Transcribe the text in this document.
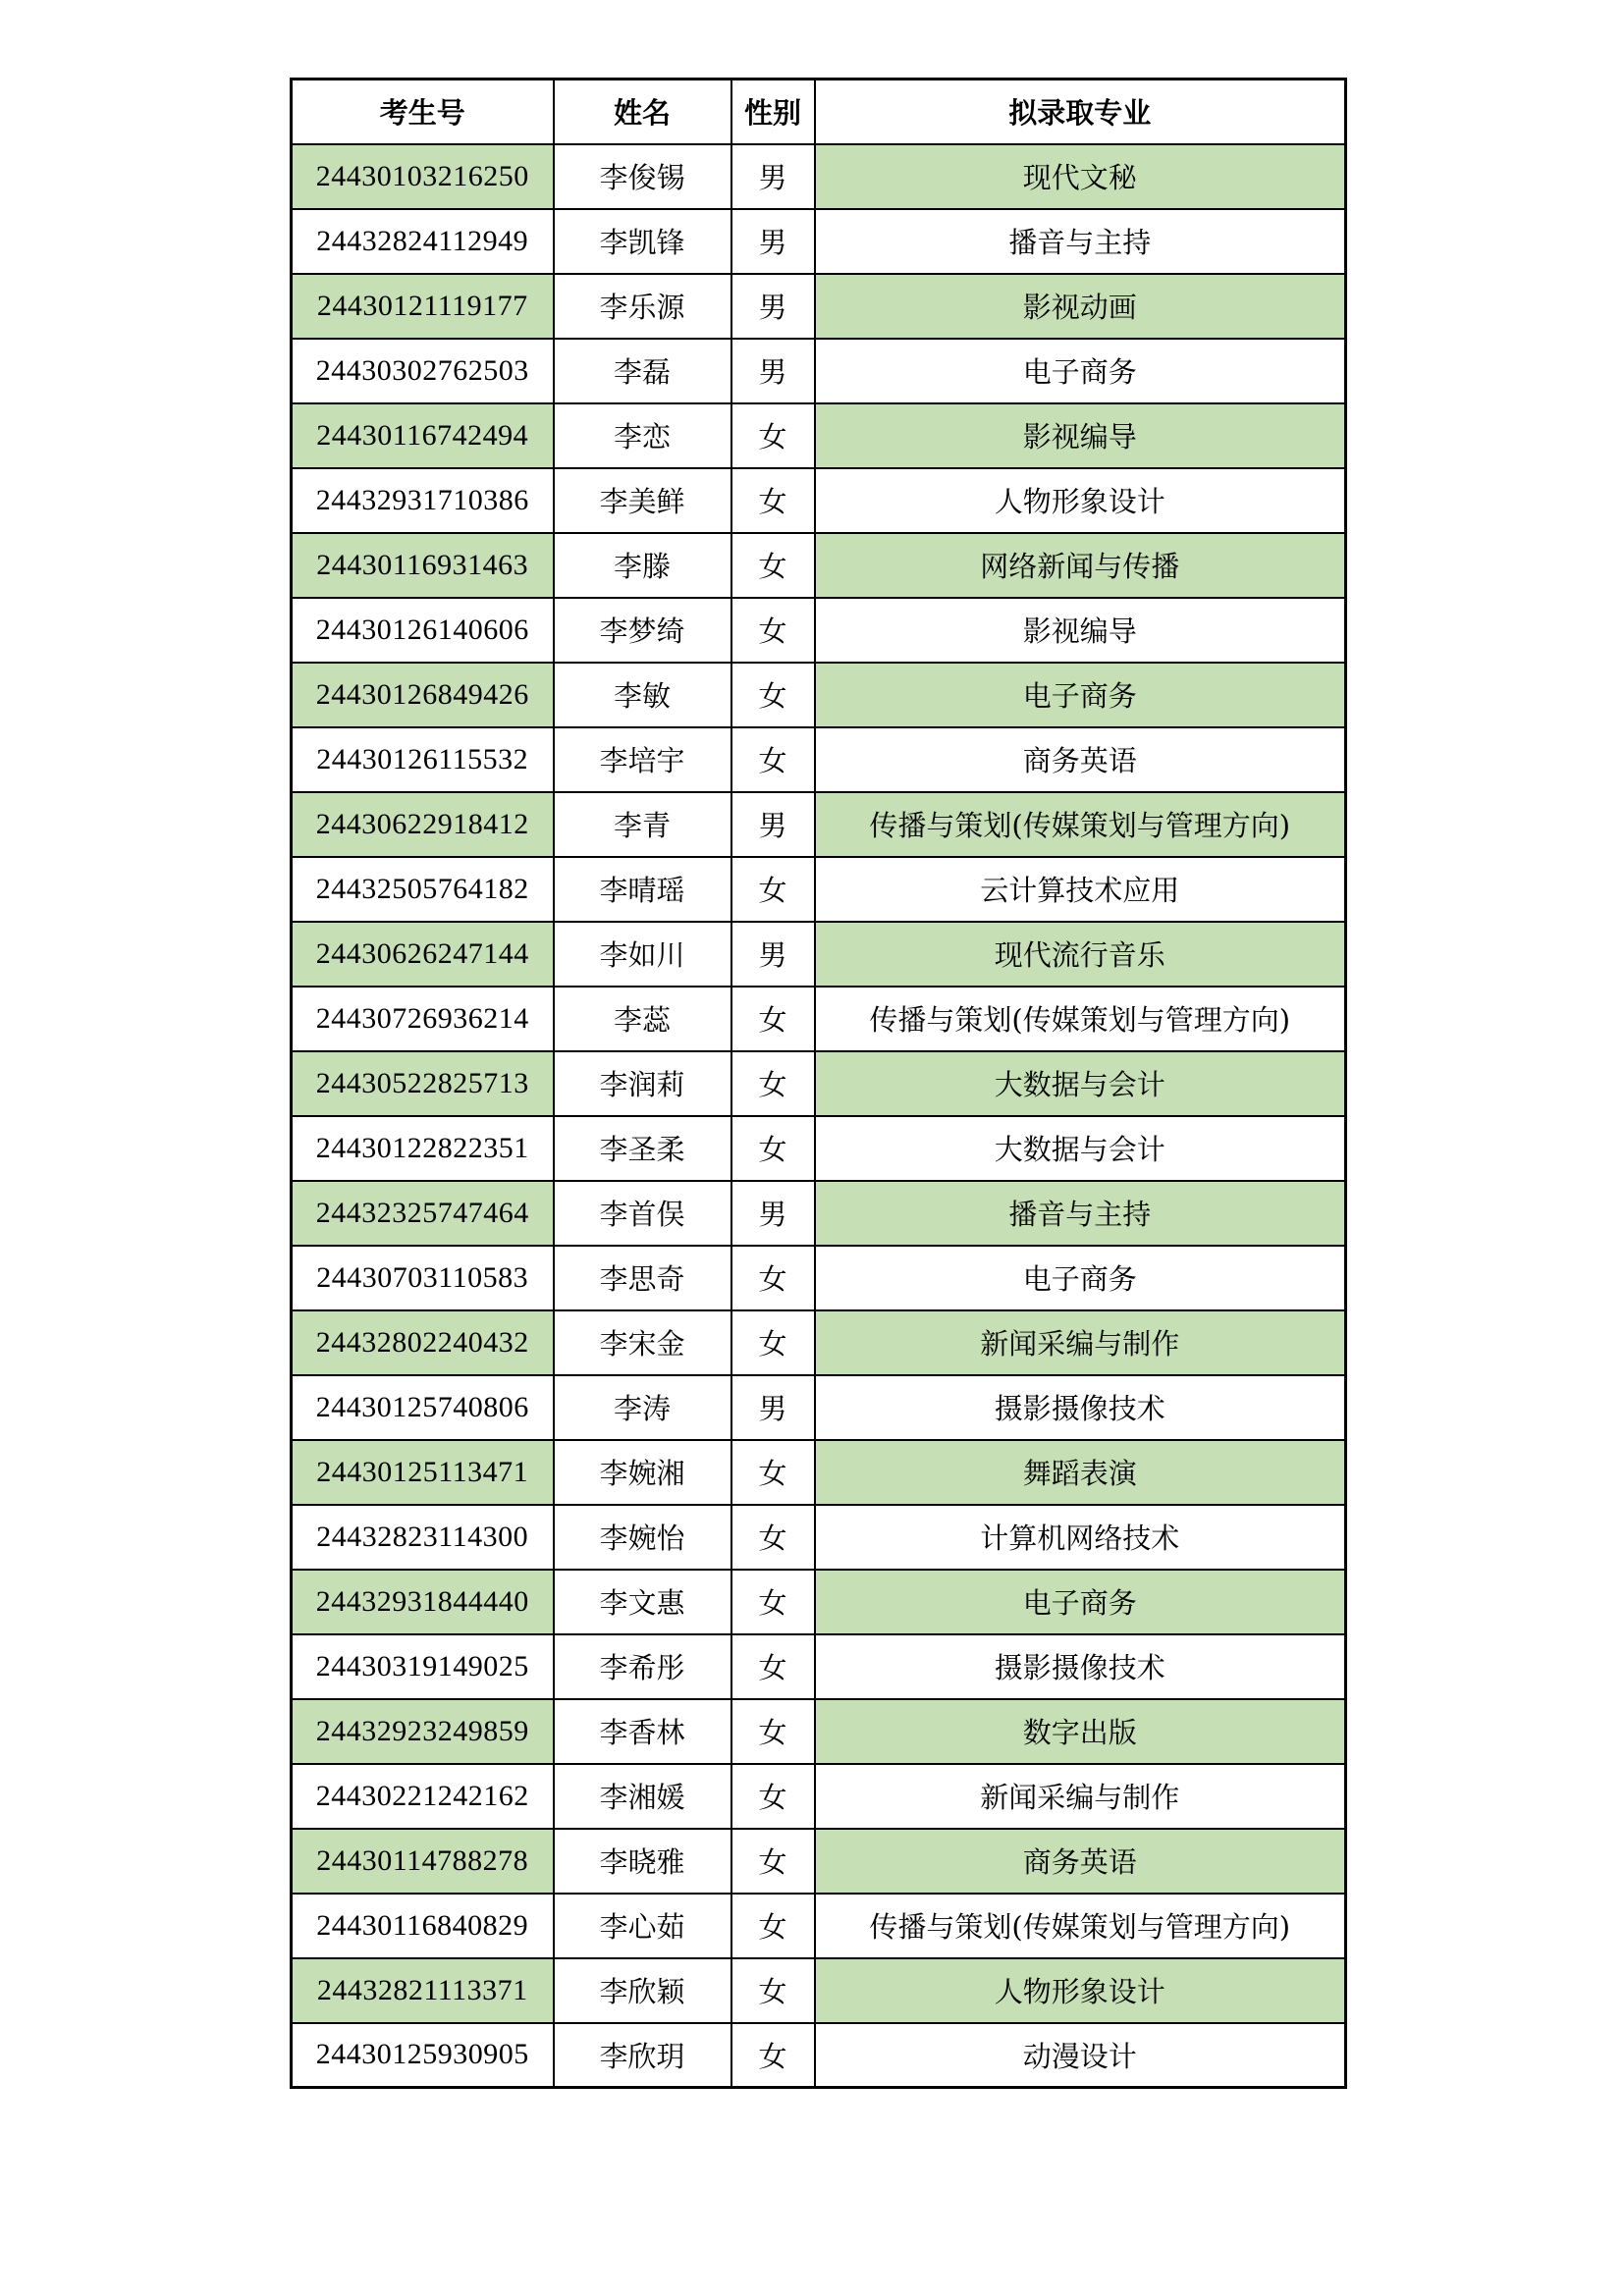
考生号	姓名	性别	拟录取专业
24430103216250	李俊锡	男	现代文秘
24432824112949	李凯锋	男	播音与主持
24430121119177	李乐源	男	影视动画
24430302762503	李磊	男	电子商务
24430116742494	李恋	女	影视编导
24432931710386	李美鲜	女	人物形象设计
24430116931463	李滕	女	网络新闻与传播
24430126140606	李梦绮	女	影视编导
24430126849426	李敏	女	电子商务
24430126115532	李培宇	女	商务英语
24430622918412	李青	男	传播与策划(传媒策划与管理方向)
24432505764182	李晴瑶	女	云计算技术应用
24430626247144	李如川	男	现代流行音乐
24430726936214	李蕊	女	传播与策划(传媒策划与管理方向)
24430522825713	李润莉	女	大数据与会计
24430122822351	李圣柔	女	大数据与会计
24432325747464	李首俣	男	播音与主持
24430703110583	李思奇	女	电子商务
24432802240432	李宋金	女	新闻采编与制作
24430125740806	李涛	男	摄影摄像技术
24430125113471	李婉湘	女	舞蹈表演
24432823114300	李婉怡	女	计算机网络技术
24432931844440	李文惠	女	电子商务
24430319149025	李希彤	女	摄影摄像技术
24432923249859	李香林	女	数字出版
24430221242162	李湘媛	女	新闻采编与制作
24430114788278	李晓雅	女	商务英语
24430116840829	李心茹	女	传播与策划(传媒策划与管理方向)
24432821113371	李欣颖	女	人物形象设计
24430125930905	李欣玥	女	动漫设计
